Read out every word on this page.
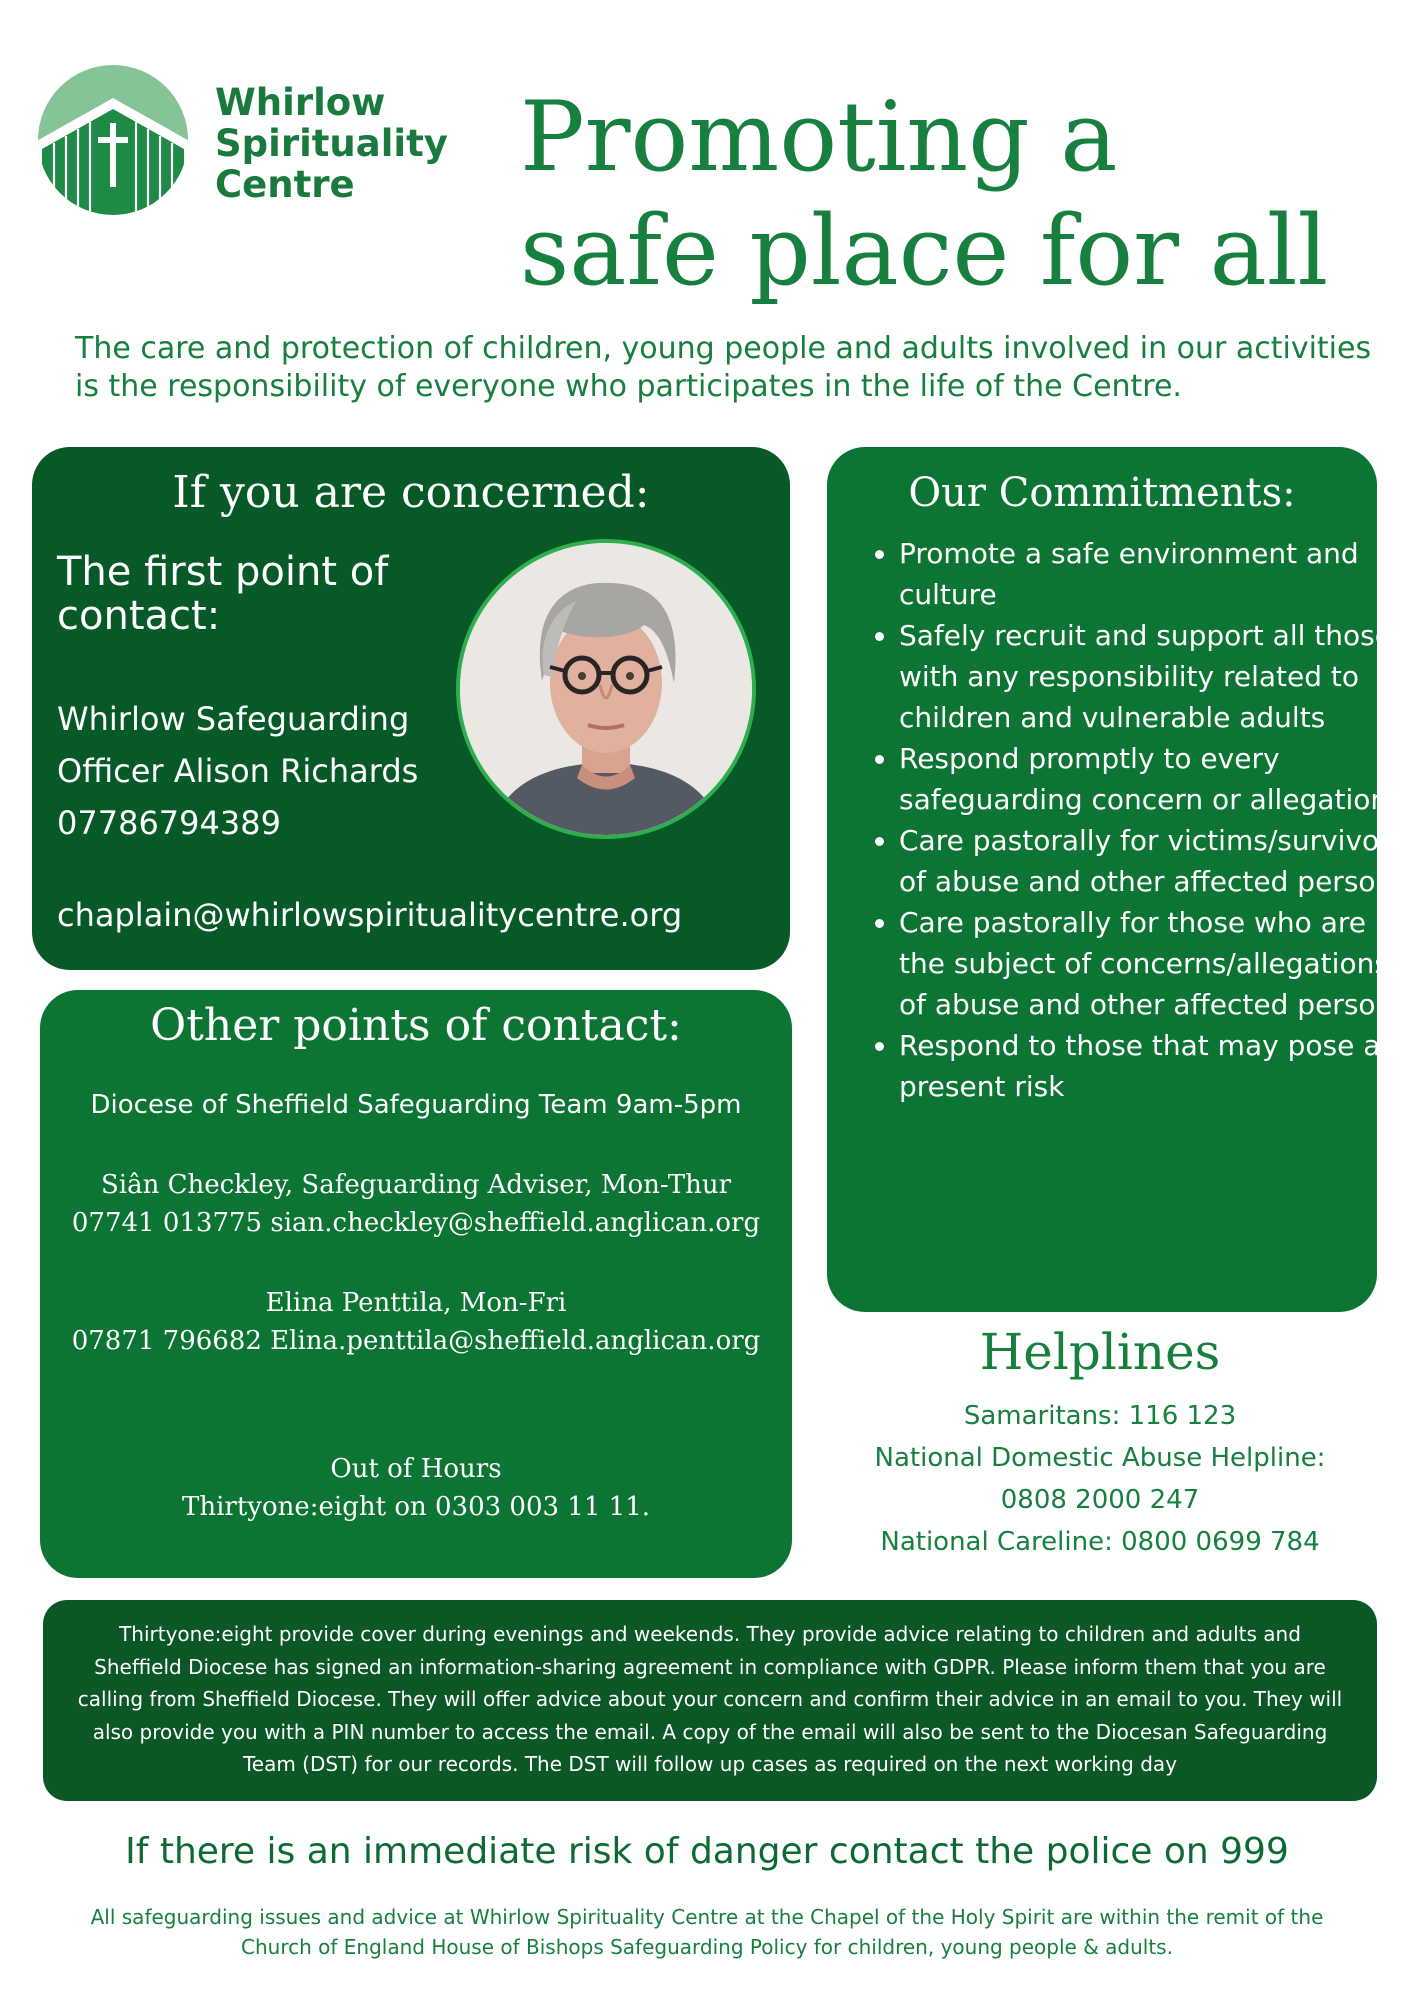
Whirlow
Spirituality
Centre	Promoting a
safe place for all
The care and protection of children, young people and adults involved in our activities is the responsibility of everyone who participates in the life of the Centre.
If you are concerned:
The first point of contact:
Whirlow Safeguarding
Officer Alison Richards
07786794389
chaplain@whirlowspiritualitycentre.org
Other points of contact:
Diocese of Sheffield Safeguarding Team 9am-5pm
Siân Checkley, Safeguarding Adviser, Mon-Thur
07741 013775 sian.checkley@sheffield.anglican.org
Elina Penttila, Mon-Fri
07871 796682 Elina.penttila@sheffield.anglican.org
Out of Hours
Thirtyone:eight on 0303 003 11 11.
Our Commitments:
• Promote a safe environment and culture
• Safely recruit and support all those with any responsibility related to children and vulnerable adults
• Respond promptly to every safeguarding concern or allegation
• Care pastorally for victims/survivors of abuse and other affected persons
• Care pastorally for those who are the subject of concerns/allegations of abuse and other affected persons
• Respond to those that may pose a present risk
Helplines
Samaritans: 116 123
National Domestic Abuse Helpline:
0808 2000 247
National Careline: 0800 0699 784

Thirtyone:eight provide cover during evenings and weekends. They provide advice relating to children and adults and Sheffield Diocese has signed an information-sharing agreement in compliance with GDPR. Please inform them that you are calling from Sheffield Diocese. They will offer advice about your concern and confirm their advice in an email to you. They will also provide you with a PIN number to access the email. A copy of the email will also be sent to the Diocesan Safeguarding Team (DST) for our records. The DST will follow up cases as required on the next working day

If there is an immediate risk of danger contact the police on 999
All safeguarding issues and advice at Whirlow Spirituality Centre at the Chapel of the Holy Spirit are within the remit of the Church of England House of Bishops Safeguarding Policy for children, young people & adults.
